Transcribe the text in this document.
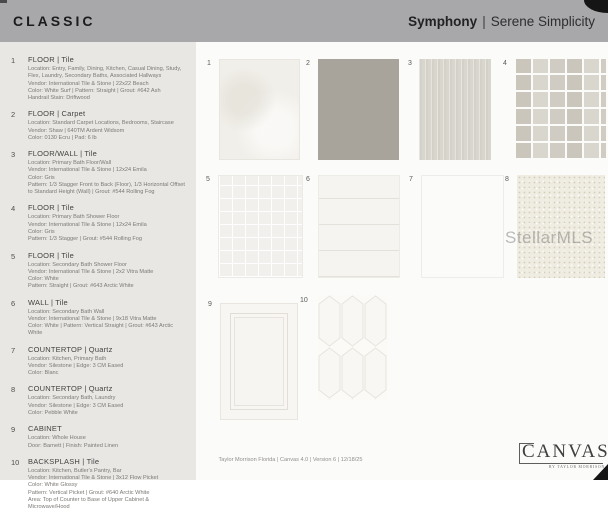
CLASSIC	Symphony | Serene Simplicity
1	FLOOR | Tile
Location: Entry, Family, Dining, Kitchen, Casual Dining, Study, Flex, Laundry, Secondary Baths, Associated Hallways
Vendor: International Tile & Stone | 22x22 Beach
Color: White Surf | Pattern: Straight | Grout: #642 Ash
Handrail Stain: Driftwood
2	FLOOR | Carpet
Location: Standard Carpet Locations, Bedrooms, Staircase
Vendor: Shaw | 640TM Ardent Widsom
Color: 0130 Ecru | Pad: 6 lb
3	FLOOR/WALL | Tile
Location: Primary Bath Floor/Wall
Vendor: International Tile & Stone | 12x24 Emila
Color: Gris
Pattern: 1/3 Stagger Front to Back (Floor), 1/3 Horizontal Offset to Standard Height (Wall) | Grout: #544 Rolling Fog
4	FLOOR | Tile
Location: Primary Bath Shower Floor
Vendor: International Tile & Stone | 12x24 Emila
Color: Gris
Pattern: 1/3 Stagger | Grout: #544 Rolling Fog
5	FLOOR | Tile
Location: Secondary Bath Shower Floor
Vendor: International Tile & Stone | 2x2 Vitra Matte
Color: White
Pattern: Straight | Grout: #643 Arctic White
6	WALL | Tile
Location: Secondary Bath Wall
Vendor: International Tile & Stone | 9x18 Vitra Matte
Color: White | Pattern: Vertical Straight | Grout: #643 Arctic White
7	COUNTERTOP | Quartz
Location: Kitchen, Primary Bath
Vendor: Silestone | Edge: 3 CM Eased
Color: Blanc
8	COUNTERTOP | Quartz
Location: Secondary Bath, Laundry
Vendor: Silestone | Edge: 3 CM Eased
Color: Pebble White
9	CABINET
Location: Whole House
Door: Barnett | Finish: Painted Linen
10	BACKSPLASH | Tile
Location: Kitchen, Butler's Pantry, Bar
Vendor: International Tile & Stone | 3x12 Flow Picket
Color: White Glossy
Pattern: Vertical Picket | Grout: #640 Arctic White
Area: Top of Counter to Base of Upper Cabinet & Microwave/Hood
1	2	3	4
5	6	7	8
9
10
StellarMLS
Taylor Morrison Florida | Canvas 4.0 | Version 6 | 12/18/25	CANVAS
BY TAYLOR MORRISON
